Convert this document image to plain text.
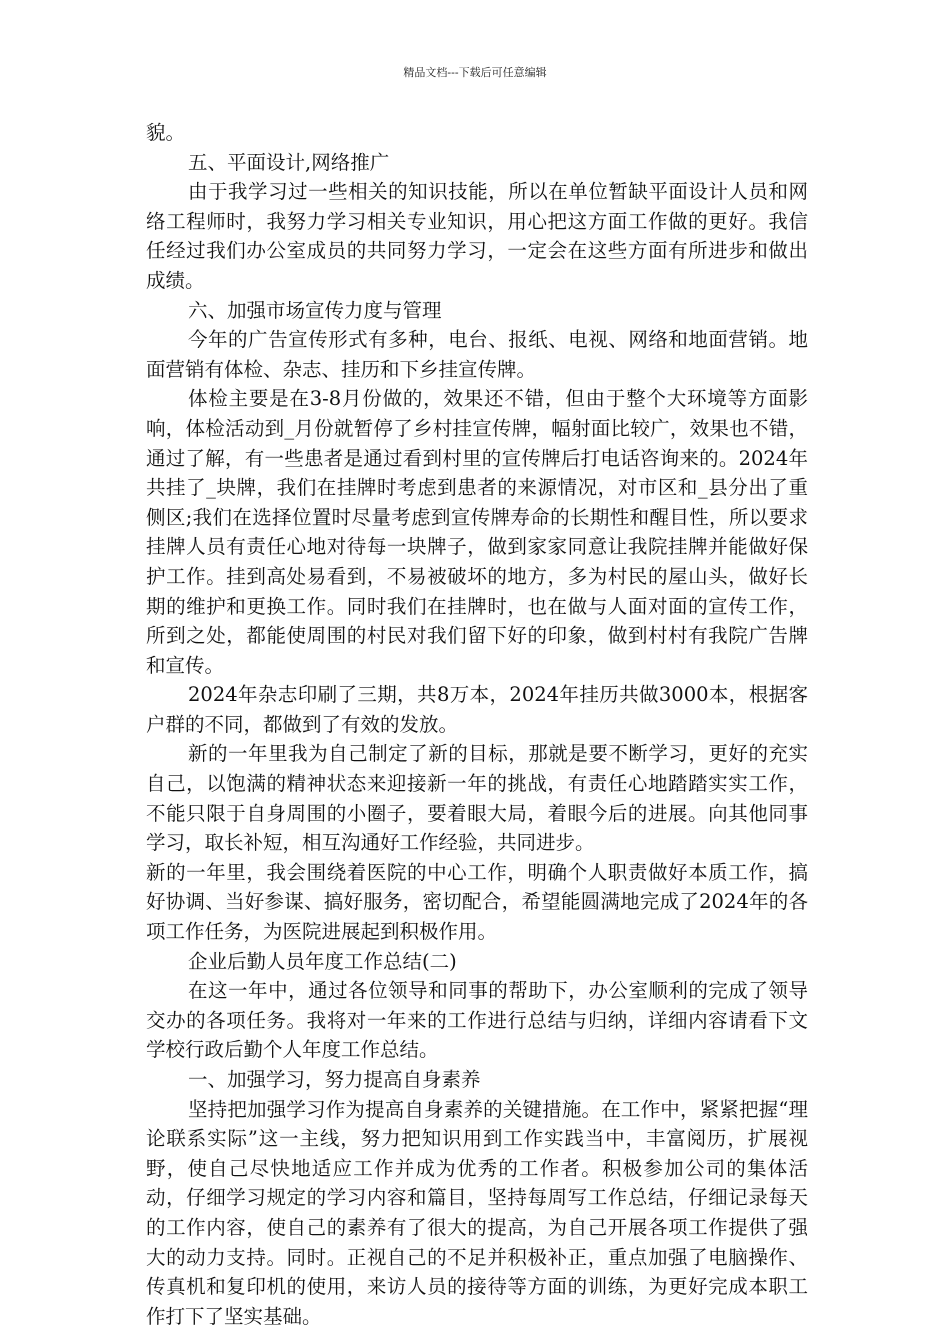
精品文档---下载后可任意编辑

貌。

五、平面设计,网络推广

由于我学习过一些相关的知识技能，所以在单位暂缺平面设计人员和网络工程师时，我努力学习相关专业知识，用心把这方面工作做的更好。我信任经过我们办公室成员的共同努力学习，一定会在这些方面有所进步和做出成绩。

六、加强市场宣传力度与管理

今年的广告宣传形式有多种，电台、报纸、电视、网络和地面营销。地面营销有体检、杂志、挂历和下乡挂宣传牌。

体检主要是在3-8月份做的，效果还不错，但由于整个大环境等方面影响，体检活动到_月份就暂停了乡村挂宣传牌，幅射面比较广，效果也不错，通过了解，有一些患者是通过看到村里的宣传牌后打电话咨询来的。2024年共挂了_块牌，我们在挂牌时考虑到患者的来源情况，对市区和_县分出了重侧区;我们在选择位置时尽量考虑到宣传牌寿命的长期性和醒目性，所以要求挂牌人员有责任心地对待每一块牌子，做到家家同意让我院挂牌并能做好保护工作。挂到高处易看到，不易被破坏的地方，多为村民的屋山头，做好长期的维护和更换工作。同时我们在挂牌时，也在做与人面对面的宣传工作，所到之处，都能使周围的村民对我们留下好的印象，做到村村有我院广告牌和宣传。

2024年杂志印刷了三期，共8万本，2024年挂历共做3000本，根据客户群的不同，都做到了有效的发放。

新的一年里我为自己制定了新的目标，那就是要不断学习，更好的充实自己，以饱满的精神状态来迎接新一年的挑战，有责任心地踏踏实实工作，不能只限于自身周围的小圈子，要着眼大局，着眼今后的进展。向其他同事学习，取长补短，相互沟通好工作经验，共同进步。

新的一年里，我会围绕着医院的中心工作，明确个人职责做好本质工作，搞好协调、当好参谋、搞好服务，密切配合，希望能圆满地完成了2024年的各项工作任务，为医院进展起到积极作用。

企业后勤人员年度工作总结(二)

在这一年中，通过各位领导和同事的帮助下，办公室顺利的完成了领导交办的各项任务。我将对一年来的工作进行总结与归纳，详细内容请看下文学校行政后勤个人年度工作总结。

一、加强学习，努力提高自身素养

坚持把加强学习作为提高自身素养的关键措施。在工作中，紧紧把握“理论联系实际”这一主线，努力把知识用到工作实践当中，丰富阅历，扩展视野，使自己尽快地适应工作并成为优秀的工作者。积极参加公司的集体活动，仔细学习规定的学习内容和篇目，坚持每周写工作总结，仔细记录每天的工作内容，使自己的素养有了很大的提高，为自己开展各项工作提供了强大的动力支持。同时。正视自己的不足并积极补正，重点加强了电脑操作、传真机和复印机的使用，来访人员的接待等方面的训练，为更好完成本职工作打下了坚实基础。
